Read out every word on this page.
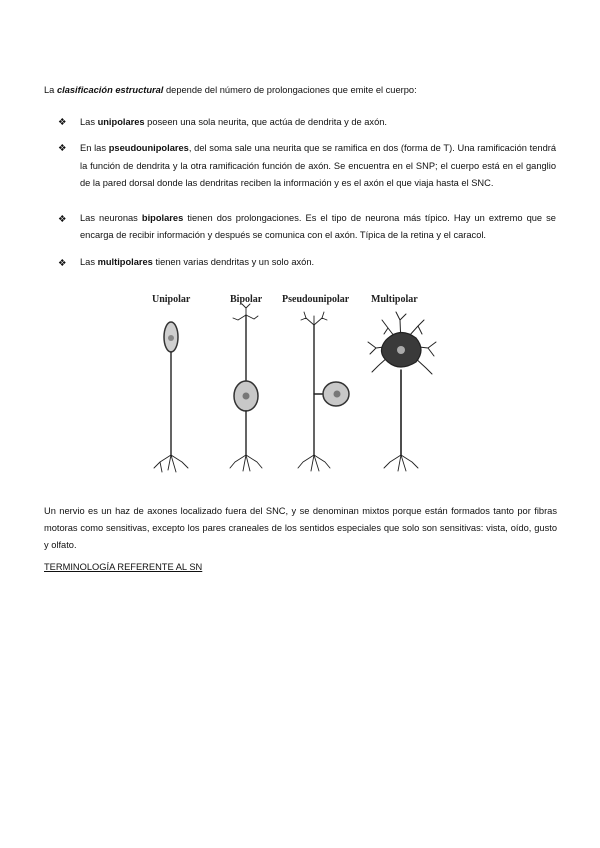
La clasificación estructural depende del número de prolongaciones que emite el cuerpo:
❖ Las unipolares poseen una sola neurita, que actúa de dendrita y de axón.
❖ En las pseudounipolares, del soma sale una neurita que se ramifica en dos (forma de T). Una ramificación tendrá la función de dendrita y la otra ramificación función de axón. Se encuentra en el SNP; el cuerpo está en el ganglio de la pared dorsal donde las dendritas reciben la información y es el axón el que viaja hasta el SNC.
❖ Las neuronas bipolares tienen dos prolongaciones. Es el tipo de neurona más típico. Hay un extremo que se encarga de recibir información y después se comunica con el axón. Típica de la retina y el caracol.
❖ Las multipolares tienen varias dendritas y un solo axón.
Unipolar	Bipolar Pseudounipolar Multipolar
Un nervio es un haz de axones localizado fuera del SNC, y se denominan mixtos porque están formados tanto por fibras motoras como sensitivas, excepto los pares craneales de los sentidos especiales que solo son sensitivas: vista, oído, gusto y olfato.
TERMINOLOGÍA REFERENTE AL SN
